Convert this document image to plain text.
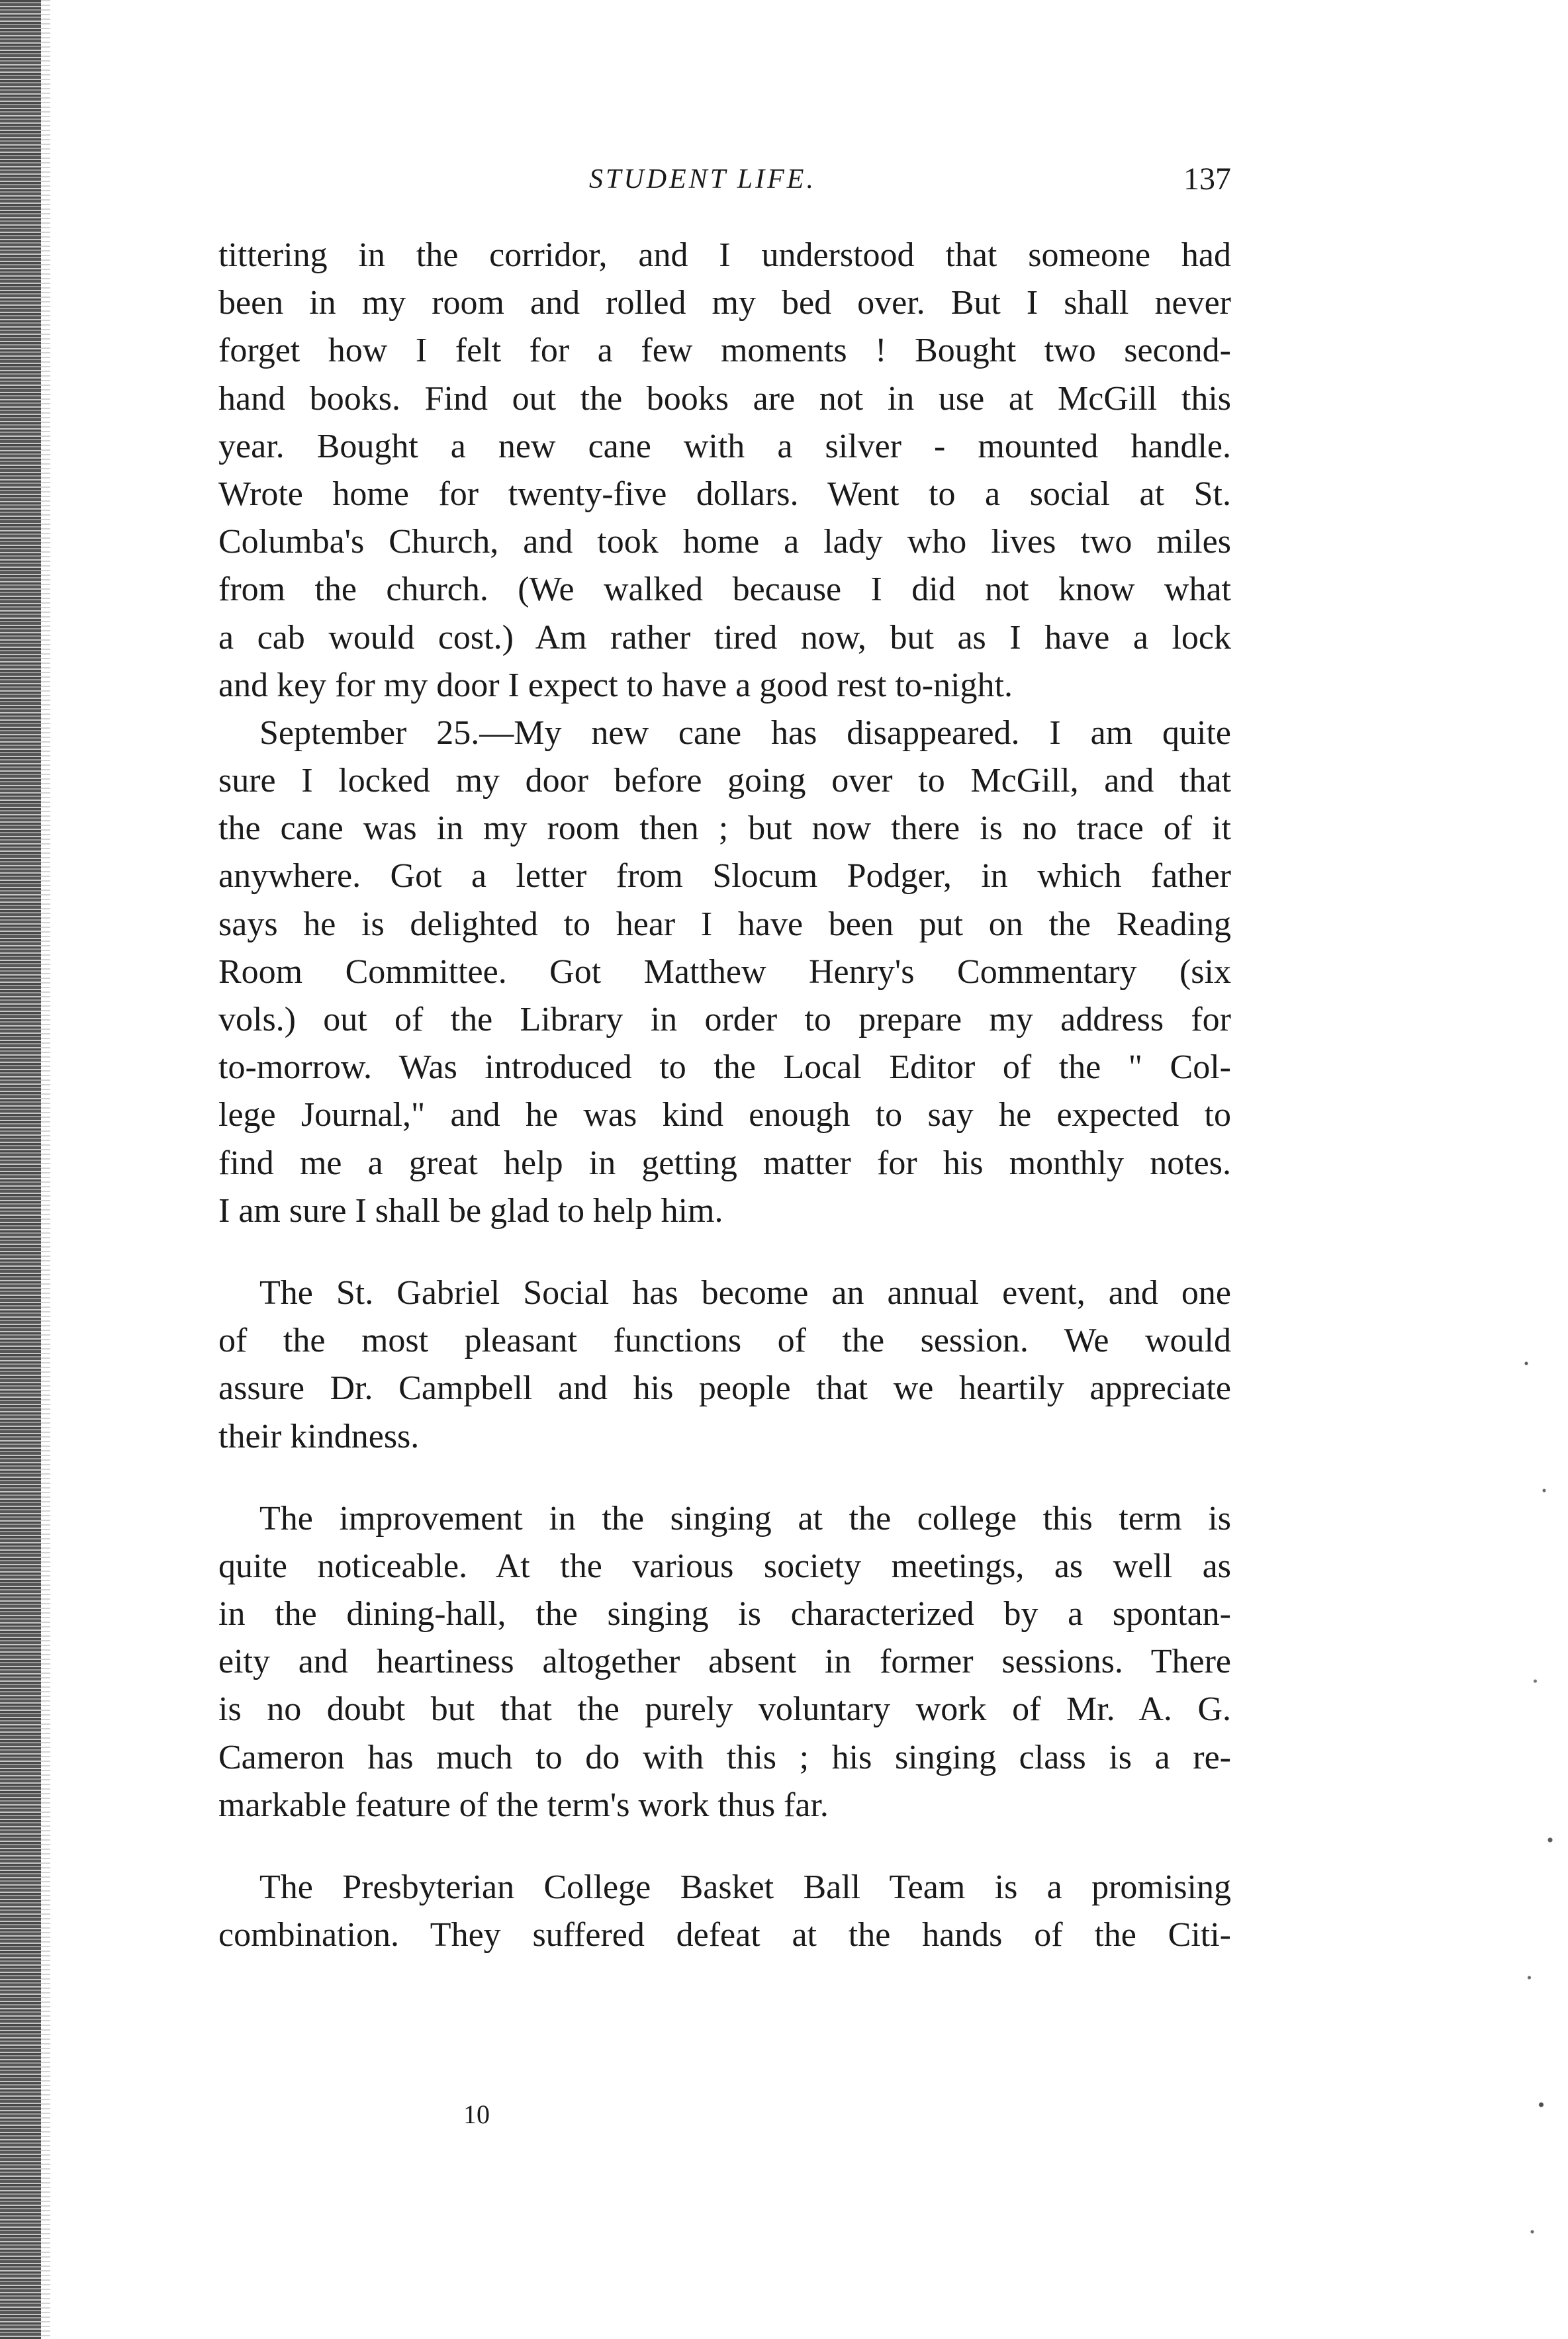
STUDENT LIFE.	137
tittering in the corridor, and I understood that someone had
been in my room and rolled my bed over. But I shall never
forget how I felt for a few moments ! Bought two second-
hand books. Find out the books are not in use at McGill this
year. Bought a new cane with a silver - mounted handle.
Wrote home for twenty-five dollars. Went to a social at St.
Columba's Church, and took home a lady who lives two miles
from the church. (We walked because I did not know what
a cab would cost.) Am rather tired now, but as I have a lock
and key for my door I expect to have a good rest to-night.
September 25.—My new cane has disappeared. I am quite
sure I locked my door before going over to McGill, and that
the cane was in my room then ; but now there is no trace of it
anywhere. Got a letter from Slocum Podger, in which father
says he is delighted to hear I have been put on the Reading
Room Committee. Got Matthew Henry's Commentary (six
vols.) out of the Library in order to prepare my address for
to-morrow. Was introduced to the Local Editor of the " Col-
lege Journal," and he was kind enough to say he expected to
find me a great help in getting matter for his monthly notes.
I am sure I shall be glad to help him.
The St. Gabriel Social has become an annual event, and one
of the most pleasant functions of the session. We would
assure Dr. Campbell and his people that we heartily appreciate
their kindness.
The improvement in the singing at the college this term is
quite noticeable. At the various society meetings, as well as
in the dining-hall, the singing is characterized by a spontan-
eity and heartiness altogether absent in former sessions. There
is no doubt but that the purely voluntary work of Mr. A. G.
Cameron has much to do with this ; his singing class is a re-
markable feature of the term's work thus far.
The Presbyterian College Basket Ball Team is a promising
combination. They suffered defeat at the hands of the Citi-
10
